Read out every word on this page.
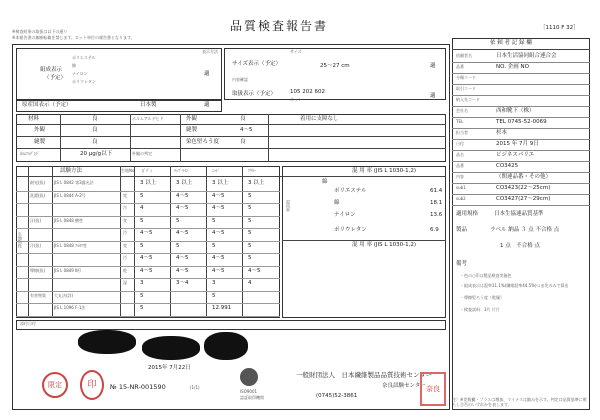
※検査結果の取扱は以下の通り
※本報告書の無断転載を禁じます。ロット単位の報告書となります。
品質検査報告書	［1110 F 32］
組成表示
（予定）
ポリエステル
綿
ナイロン
ポリウレタン
表示方法
適
サイズ
サイズ表示（予定）	25～27 cm	適
内容確認
取扱表示（予定）	105 202 602
ネット
適
原産国表示（予定）	日本製	適
材料	良
外観	良
縫製	良
ﾎﾙﾑｱﾙﾃﾞﾋﾄﾞ	20 μg/g以下
ホルムアルデヒド	外観	良
縫製	4～5
染色堅ろう度	良
外観の判定
着用に支障なし
生地物性
試験方法	生地No ﾎﾞﾃﾞｨ	ﾁｪﾌﾞﾗｲﾝ	ﾆｯﾄﾞ	ｱｳﾀｰ
耐光(級) JIS L 0842 第3露光法	3 以上	3 以上	3 以上	3 以上
洗濯(級) JIS L 0844 A-2号	変 5	4～5	4～5	5
汚 4	4～5	4～5	5
汗(級)	JIS L 0848 酸性	変 5	5	5	5
汚 4～5	4～5	4～5	5
汗(級)	JIS L 0848 ｱﾙｶﾘ性	変 5	5	5	5
汚 4～5	4～5	4～5	5
摩擦(級) JIS L 0849 Ⅱ形	乾 4～5	4～5	4～5	4～5
湿 3	3～4	3	4
有害物質 大丸法(詳)	5	5
JIS L 1096 F-1法	5	12.991
混 用 率 (JIS L 1030-1,2)
混用率
綿
ポリエステル	61.4
綿	18.1
ナイロン	13.6
ポリウレタン	6.9
混 用 率 (JIS L 1030-1,2)
添付日付
2015年 7月22日
№ 15-NR-001590	(1/1)
ISO9001
認証取得機関
一般財団法人　日本繊維製品品質技術センター
奈良試験センター
(0745)52-3861
限定	印	奈良
依 頼 者 記 録 欄
依頼者名	日本生活協同組合連合会
品番	NO. 企画 NO
分類コード
取引コード
納入先コード
会社名	西和靴下（株）
TEL	TEL 0745-52-0069
担当者	杉本
日付	2015 年 7月 9日
品名	ビジネスパリエ
品番	CO3425
内容	（関連品番・その他）
sub1	CO3423(22～25cm)
sub2	CO3427(27～29cm)
適用規格	日本生協連品質基準
製品	ラベル 納品 ３ 点 不合格 点
1 点　不合格 点
備考
・色の○印は製品検査実施色
・組成表示は混率11.1%(繊維混率44.5%)つま先のみで算出
・摩擦堅ろう度（乾燥）
・検査試料：3片 片片
注）※差数欄・プラスは増加、マイナスは縮みを示す。判定は品質基準に照らし合否のいずれかを表します。
